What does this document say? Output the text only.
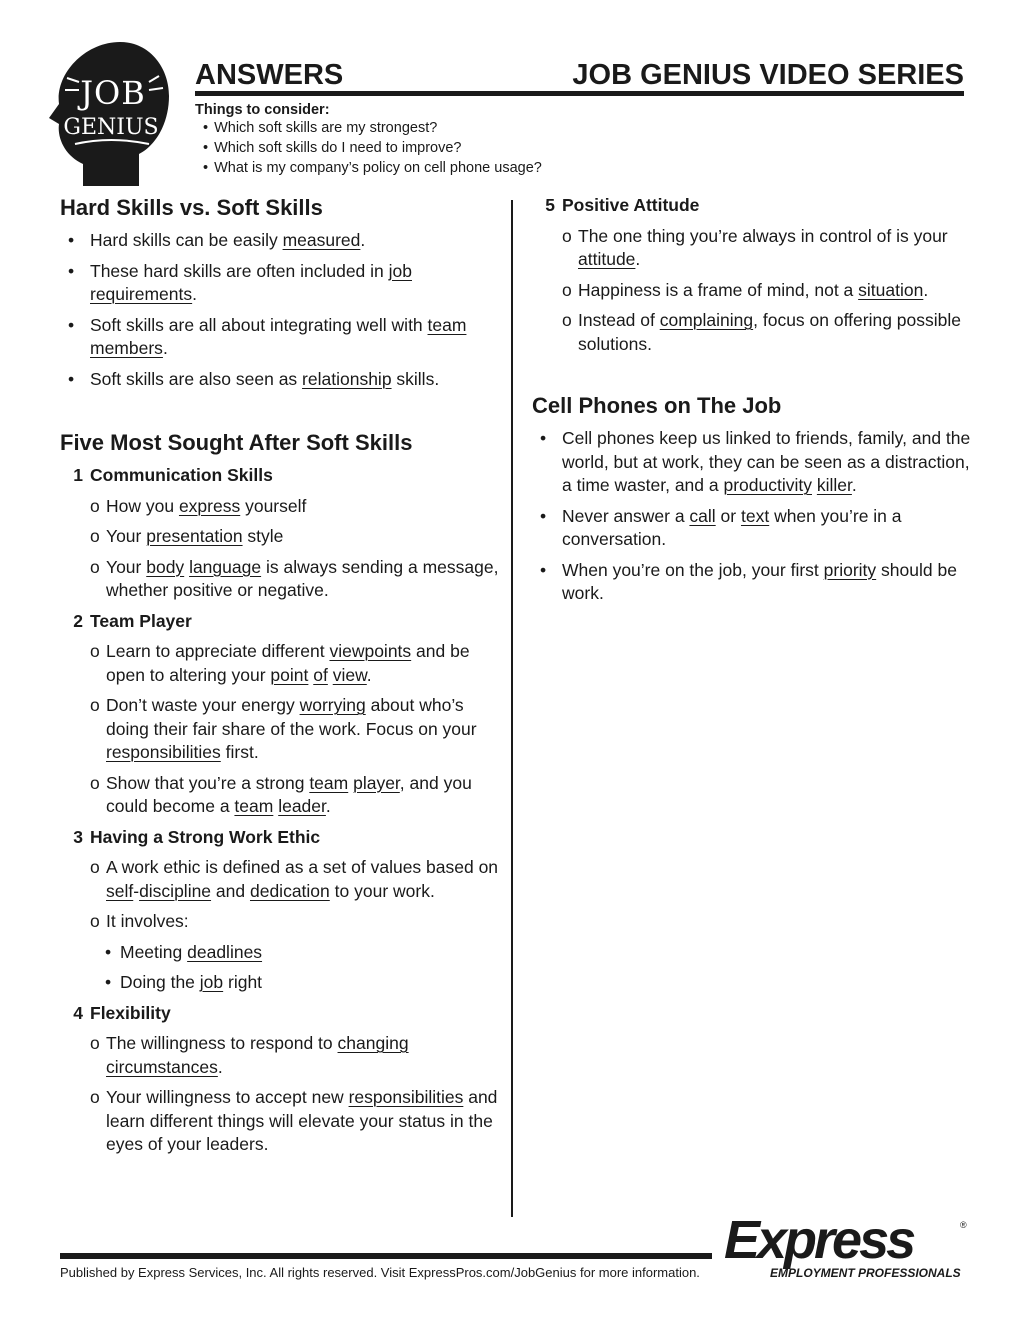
JOB
GENIUS
ANSWERS	JOB GENIUS VIDEO SERIES
Things to consider:
• Which soft skills are my strongest?
• Which soft skills do I need to improve?
• What is my company’s policy on cell phone usage?
Hard Skills vs. Soft Skills
• Hard skills can be easily measured.
• These hard skills are often included in job requirements.
• Soft skills are all about integrating well with team members.
• Soft skills are also seen as relationship skills.
Five Most Sought After Soft Skills
1 Communication Skills
o How you express yourself
o Your presentation style
o Your body language is always sending a message, whether positive or negative.
2 Team Player
o Learn to appreciate different viewpoints and be open to altering your point of view.
o Don’t waste your energy worrying about who’s doing their fair share of the work. Focus on your responsibilities first.
o Show that you’re a strong team player, and you could become a team leader.
3 Having a Strong Work Ethic
o A work ethic is defined as a set of values based on self-discipline and dedication to your work.
o It involves:
• Meeting deadlines
• Doing the job right
4 Flexibility
o The willingness to respond to changing circumstances.
o Your willingness to accept new responsibilities and learn different things will elevate your status in the eyes of your leaders.
5 Positive Attitude
o The one thing you’re always in control of is your attitude.
o Happiness is a frame of mind, not a situation.
o Instead of complaining, focus on offering possible solutions.
Cell Phones on The Job
• Cell phones keep us linked to friends, family, and the world, but at work, they can be seen as a distraction, a time waster, and a productivity killer.
• Never answer a call or text when you’re in a conversation.
• When you’re on the job, your first priority should be work.
Published by Express Services, Inc. All rights reserved. Visit ExpressPros.com/JobGenius for more information.
Express	®
EMPLOYMENT PROFESSIONALS
